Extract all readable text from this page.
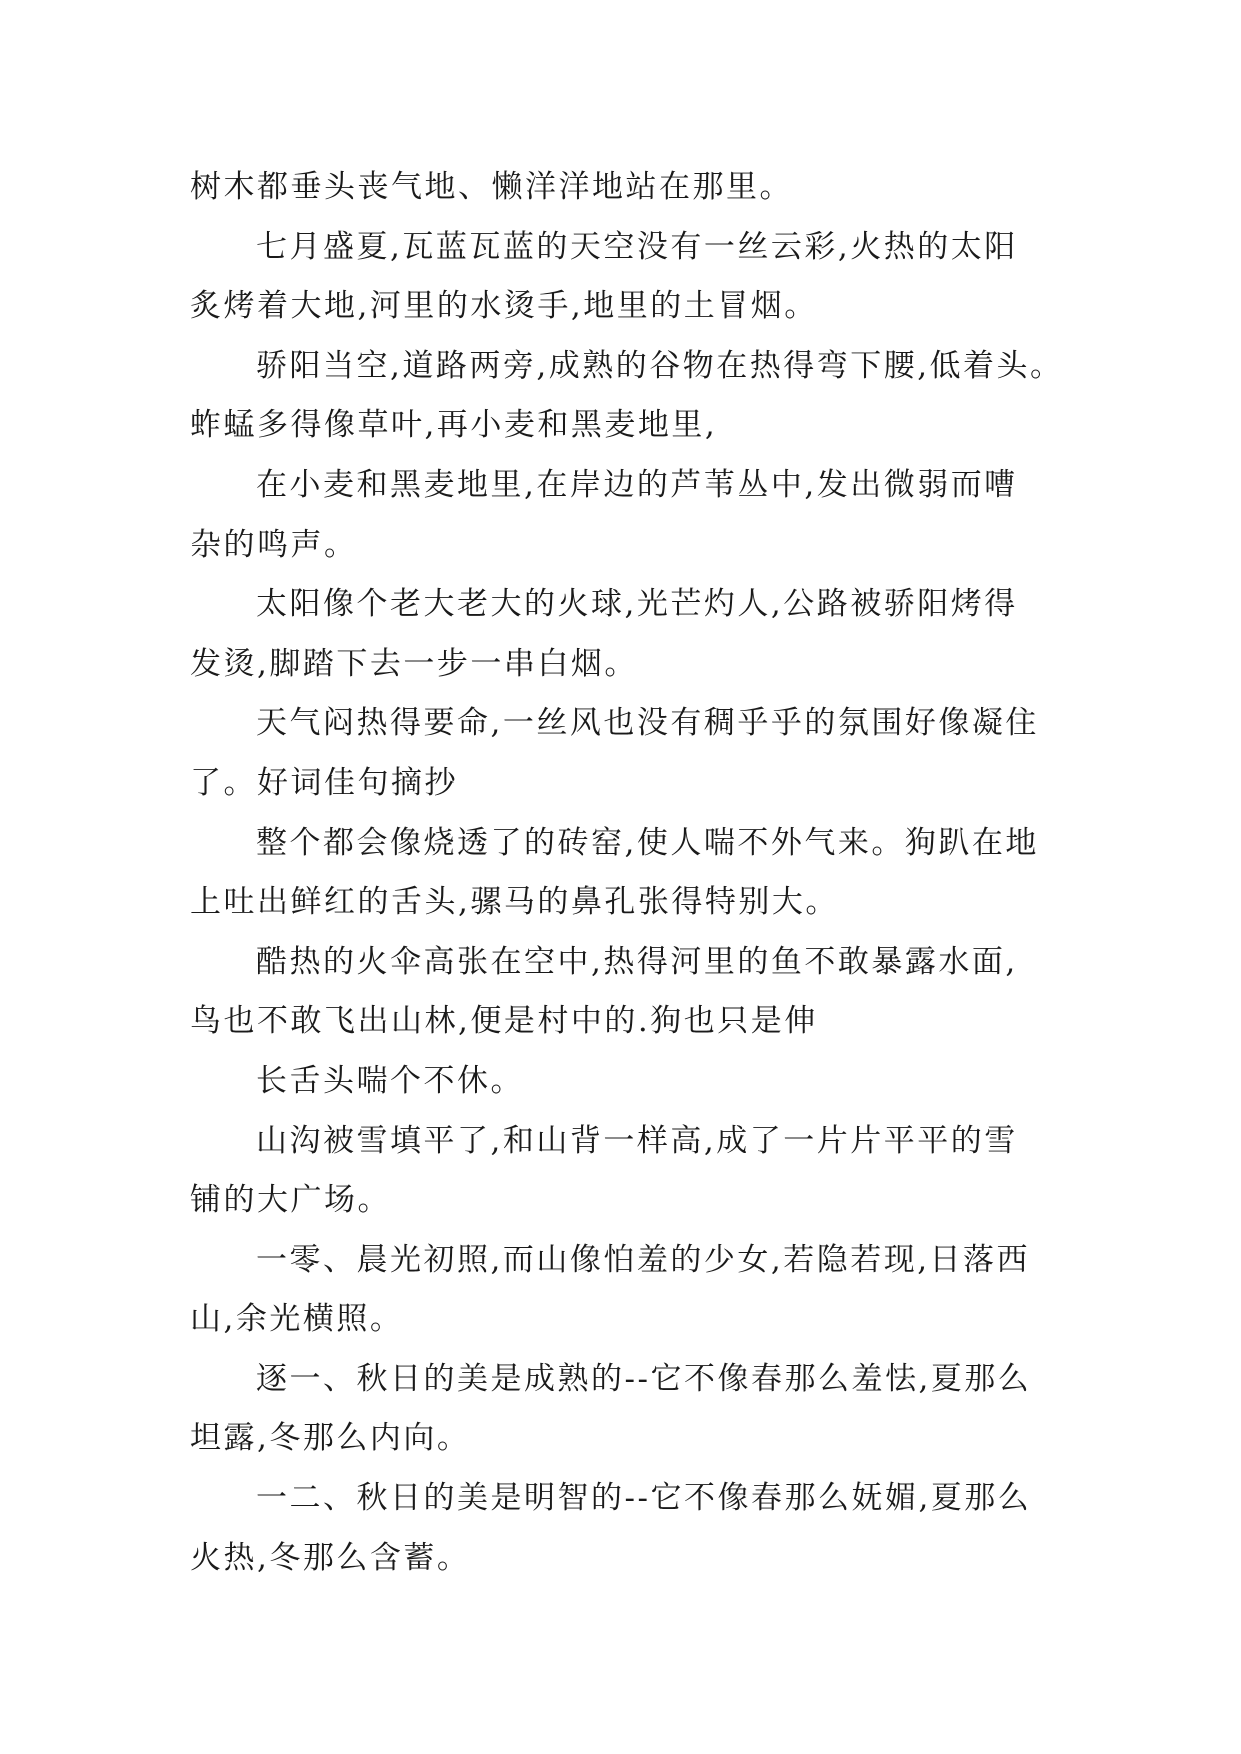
树木都垂头丧气地、懒洋洋地站在那里。
七月盛夏,瓦蓝瓦蓝的天空没有一丝云彩,火热的太阳
炙烤着大地,河里的水烫手,地里的土冒烟。
骄阳当空,道路两旁,成熟的谷物在热得弯下腰,低着头。
蚱蜢多得像草叶,再小麦和黑麦地里,
在小麦和黑麦地里,在岸边的芦苇丛中,发出微弱而嘈
杂的鸣声。
太阳像个老大老大的火球,光芒灼人,公路被骄阳烤得
发烫,脚踏下去一步一串白烟。
天气闷热得要命,一丝风也没有稠乎乎的氛围好像凝住
了。好词佳句摘抄
整个都会像烧透了的砖窑,使人喘不外气来。狗趴在地
上吐出鲜红的舌头,骡马的鼻孔张得特别大。
酷热的火伞高张在空中,热得河里的鱼不敢暴露水面,
鸟也不敢飞出山林,便是村中的.狗也只是伸
长舌头喘个不休。
山沟被雪填平了,和山背一样高,成了一片片平平的雪
铺的大广场。
一零、晨光初照,而山像怕羞的少女,若隐若现,日落西
山,余光横照。
逐一、秋日的美是成熟的--它不像春那么羞怯,夏那么
坦露,冬那么内向。
一二、秋日的美是明智的--它不像春那么妩媚,夏那么
火热,冬那么含蓄。
